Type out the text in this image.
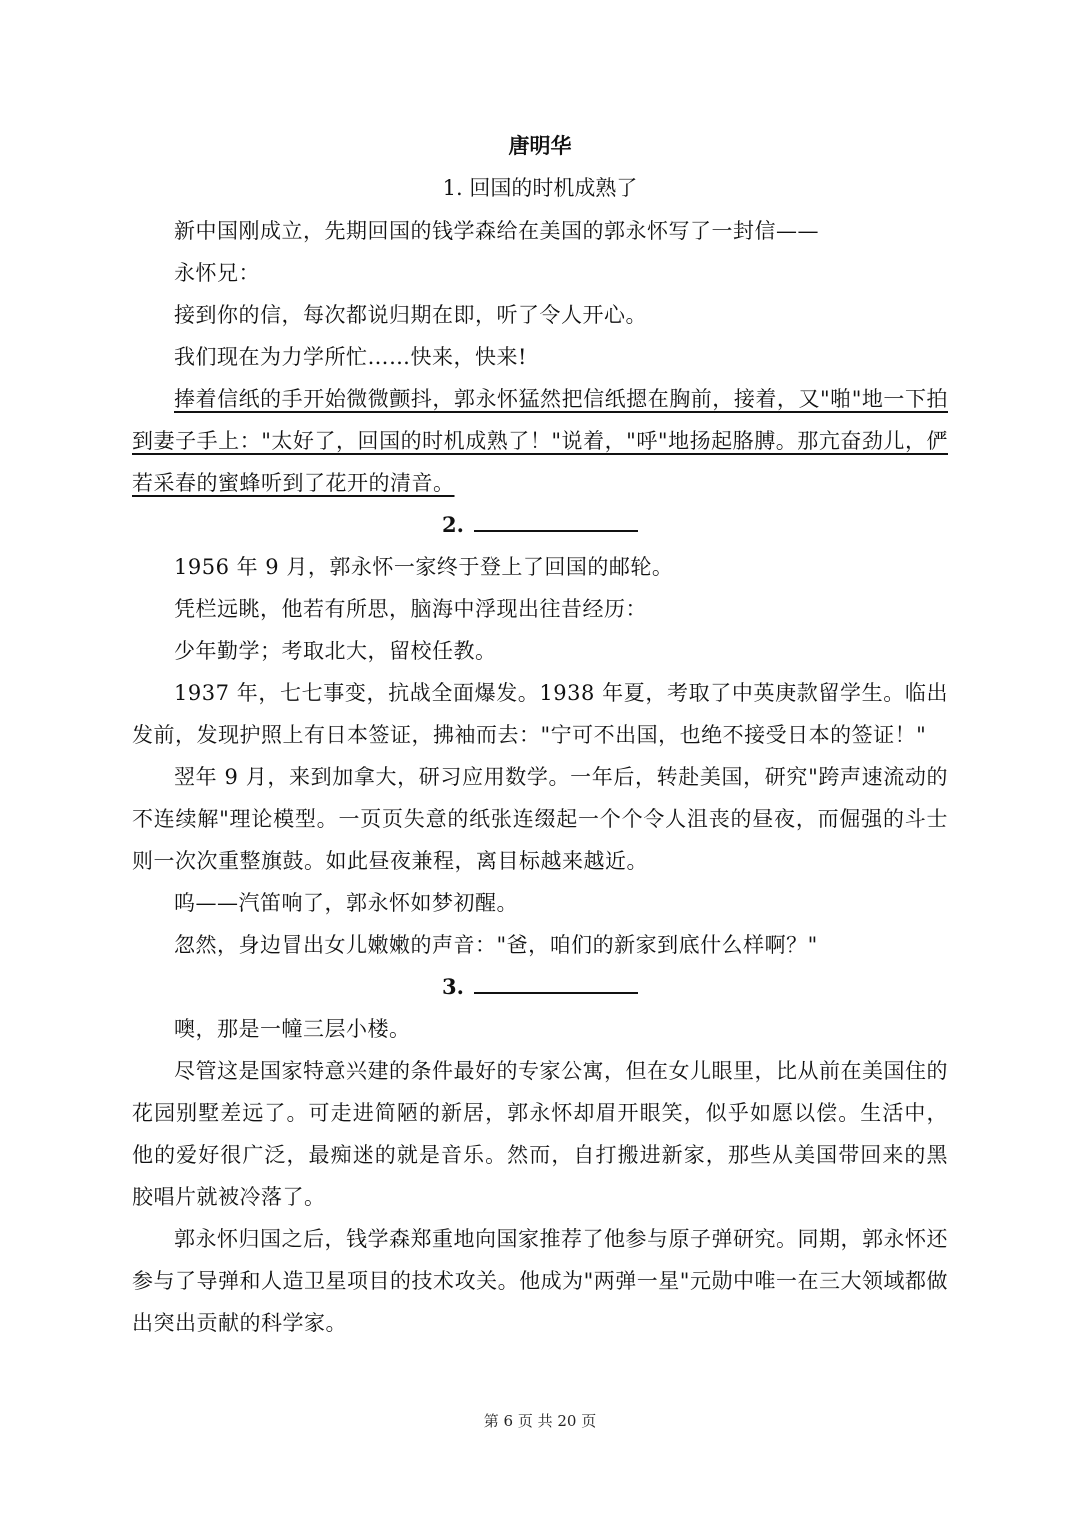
唐明华
1. 回国的时机成熟了

新中国刚成立，先期回国的钱学森给在美国的郭永怀写了一封信——

永怀兄：

接到你的信，每次都说归期在即，听了令人开心。

我们现在为力学所忙……快来，快来!

捧着信纸的手开始微微颤抖，郭永怀猛然把信纸摁在胸前，接着，又"啪"地一下拍到妻子手上："太好了，回国的时机成熟了！"说着，"呼"地扬起胳膊。那亢奋劲儿，俨若采春的蜜蜂听到了花开的清音。

2.

1956 年 9 月，郭永怀一家终于登上了回国的邮轮。

凭栏远眺，他若有所思，脑海中浮现出往昔经历：

少年勤学；考取北大，留校任教。

1937 年，七七事变，抗战全面爆发。1938 年夏，考取了中英庚款留学生。临出发前，发现护照上有日本签证，拂袖而去："宁可不出国，也绝不接受日本的签证！"

翌年 9 月，来到加拿大，研习应用数学。一年后，转赴美国，研究"跨声速流动的不连续解"理论模型。一页页失意的纸张连缀起一个个令人沮丧的昼夜，而倔强的斗士则一次次重整旗鼓。如此昼夜兼程，离目标越来越近。

呜——汽笛响了，郭永怀如梦初醒。

忽然，身边冒出女儿嫩嫩的声音："爸，咱们的新家到底什么样啊？"

3.

噢，那是一幢三层小楼。

尽管这是国家特意兴建的条件最好的专家公寓，但在女儿眼里，比从前在美国住的花园别墅差远了。可走进简陋的新居，郭永怀却眉开眼笑，似乎如愿以偿。生活中，他的爱好很广泛，最痴迷的就是音乐。然而，自打搬进新家，那些从美国带回来的黑胶唱片就被冷落了。

郭永怀归国之后，钱学森郑重地向国家推荐了他参与原子弹研究。同期，郭永怀还参与了导弹和人造卫星项目的技术攻关。他成为"两弹一星"元勋中唯一在三大领域都做出突出贡献的科学家。

第 6 页 共 20 页
